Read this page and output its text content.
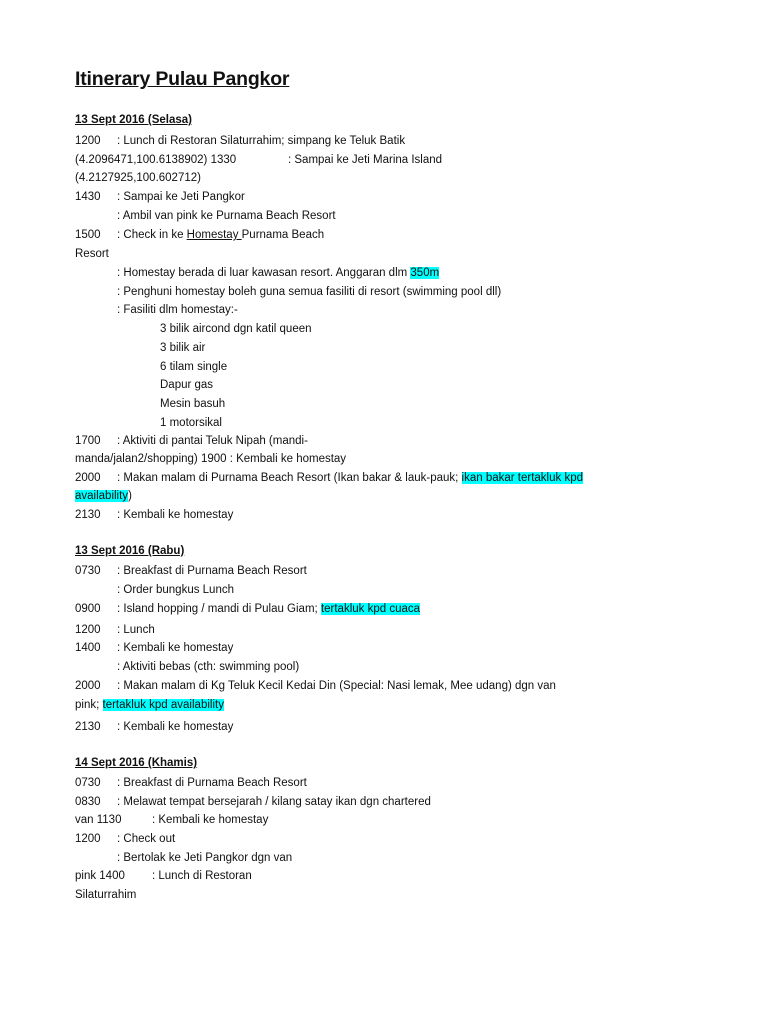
Itinerary Pulau Pangkor
13 Sept 2016 (Selasa)
1200 : Lunch di Restoran Silaturrahim; simpang ke Teluk Batik
(4.2096471,100.6138902) 1330	: Sampai ke Jeti Marina Island
(4.2127925,100.602712)
1430 : Sampai ke Jeti Pangkor
: Ambil van pink ke Purnama Beach Resort
1500 : Check in ke Homestay Purnama Beach
Resort
: Homestay berada di luar kawasan resort. Anggaran dlm 350m
: Penghuni homestay boleh guna semua fasiliti di resort (swimming pool dll)
: Fasiliti dlm homestay:-
3 bilik aircond dgn katil queen
3 bilik air
6 tilam single
Dapur gas
Mesin basuh
1 motorsikal
1700 : Aktiviti di pantai Teluk Nipah (mandi-
manda/jalan2/shopping) 1900 : Kembali ke homestay
2000 : Makan malam di Purnama Beach Resort (Ikan bakar & lauk-pauk; ikan bakar tertakluk kpd
availability)
2130 : Kembali ke homestay
13 Sept 2016 (Rabu)
0730 : Breakfast di Purnama Beach Resort
: Order bungkus Lunch
0900 : Island hopping / mandi di Pulau Giam; tertakluk kpd cuaca
1200 : Lunch
1400 : Kembali ke homestay
: Aktiviti bebas (cth: swimming pool)
2000 : Makan malam di Kg Teluk Kecil Kedai Din (Special: Nasi lemak, Mee udang) dgn van
pink; tertakluk kpd availability
2130 : Kembali ke homestay
14 Sept 2016 (Khamis)
0730 : Breakfast di Purnama Beach Resort
0830 : Melawat tempat bersejarah / kilang satay ikan dgn chartered
van 1130	: Kembali ke homestay
1200 : Check out
: Bertolak ke Jeti Pangkor dgn van
pink 1400 : Lunch di Restoran
Silaturrahim
